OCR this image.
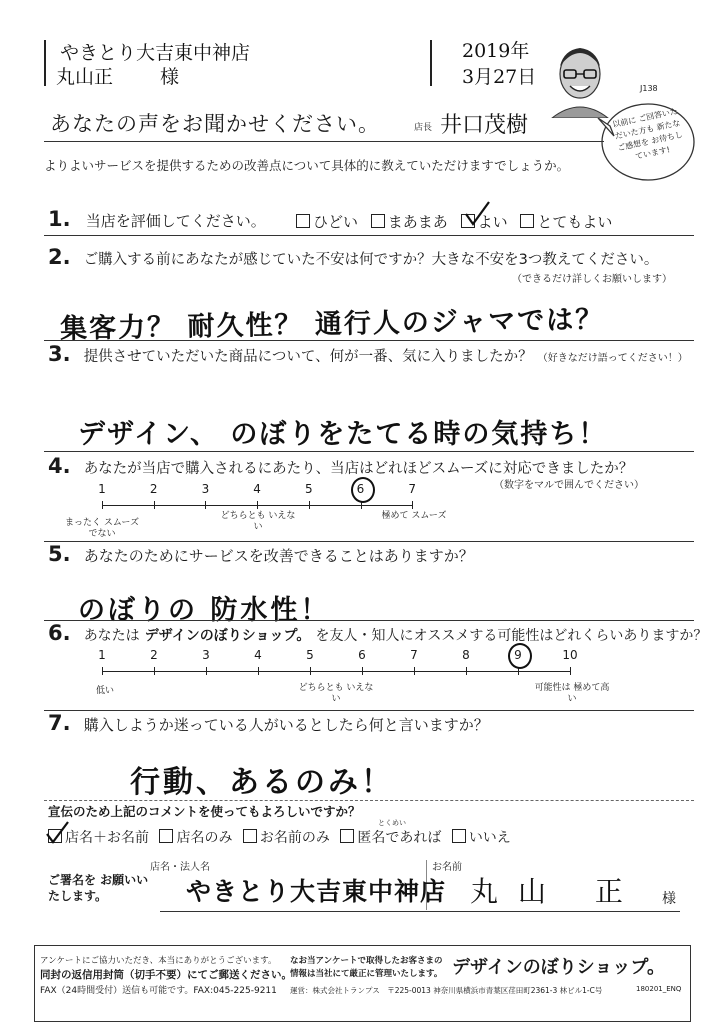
やきとり大吉東中神店
丸山正 様
2019年
3月27日
J138
以前に ご回答いただいた方も 新たなご感想を お待ちしています!
あなたの声をお聞かせください。	店長 井口茂樹
よりよいサービスを提供するための改善点について具体的に教えていただけますでしょうか。
1. 当店を評価してください。	ひどい まあまあ よい とてもよい
2. ご購入する前にあなたが感じていた不安は何ですか？大きな不安を3つ教えてください。
（できるだけ詳しくお願いします）
集客力？ 耐久性？ 通行人のジャマでは？
3. 提供させていただいた商品について、何が一番、気に入りましたか？ （好きなだけ語ってください！）
デザイン、 のぼりをたてる時の気持ち！
4. あなたが当店で購入されるにあたり、当店はどれほどスムーズに対応できましたか？
（数字をマルで囲んでください）
1	2	3	4	5	6	7
まったく スムーズでない
どちらとも いえない
極めて スムーズ
5. あなたのためにサービスを改善できることはありますか？
のぼりの 防水性！
6. あなたは デザインのぼりショップ。 を友人・知人にオススメする可能性はどれくらいありますか？
1	2	3	4	5	6	7	8	9	10
低い	どちらとも いえない
可能性は 極めて高い
7. 購入しようか迷っている人がいるとしたら何と言いますか？
行動、あるのみ！
宣伝のため上記のコメントを使ってもよろしいですか？
店名＋お名前 店名のみ お名前のみ 匿名であれば いいえ
とくめい
ご署名を お願いいたします。
店名・法人名	お名前
やきとり大吉東中神店 丸山 正 様
アンケートにご協力いただき、本当にありがとうございます。
同封の返信用封筒（切手不要）にてご郵送ください。
FAX（24時間受付）送信も可能です。FAX:045-225-9211
なお当アンケートで取得したお客さまの
情報は当社にて厳正に管理いたします。 デザインのぼりショップ。
運営：株式会社トランプス　〒225-0013 神奈川県横浜市青葉区荏田町2361-3 林ビル1-C号	180201_ENQ
